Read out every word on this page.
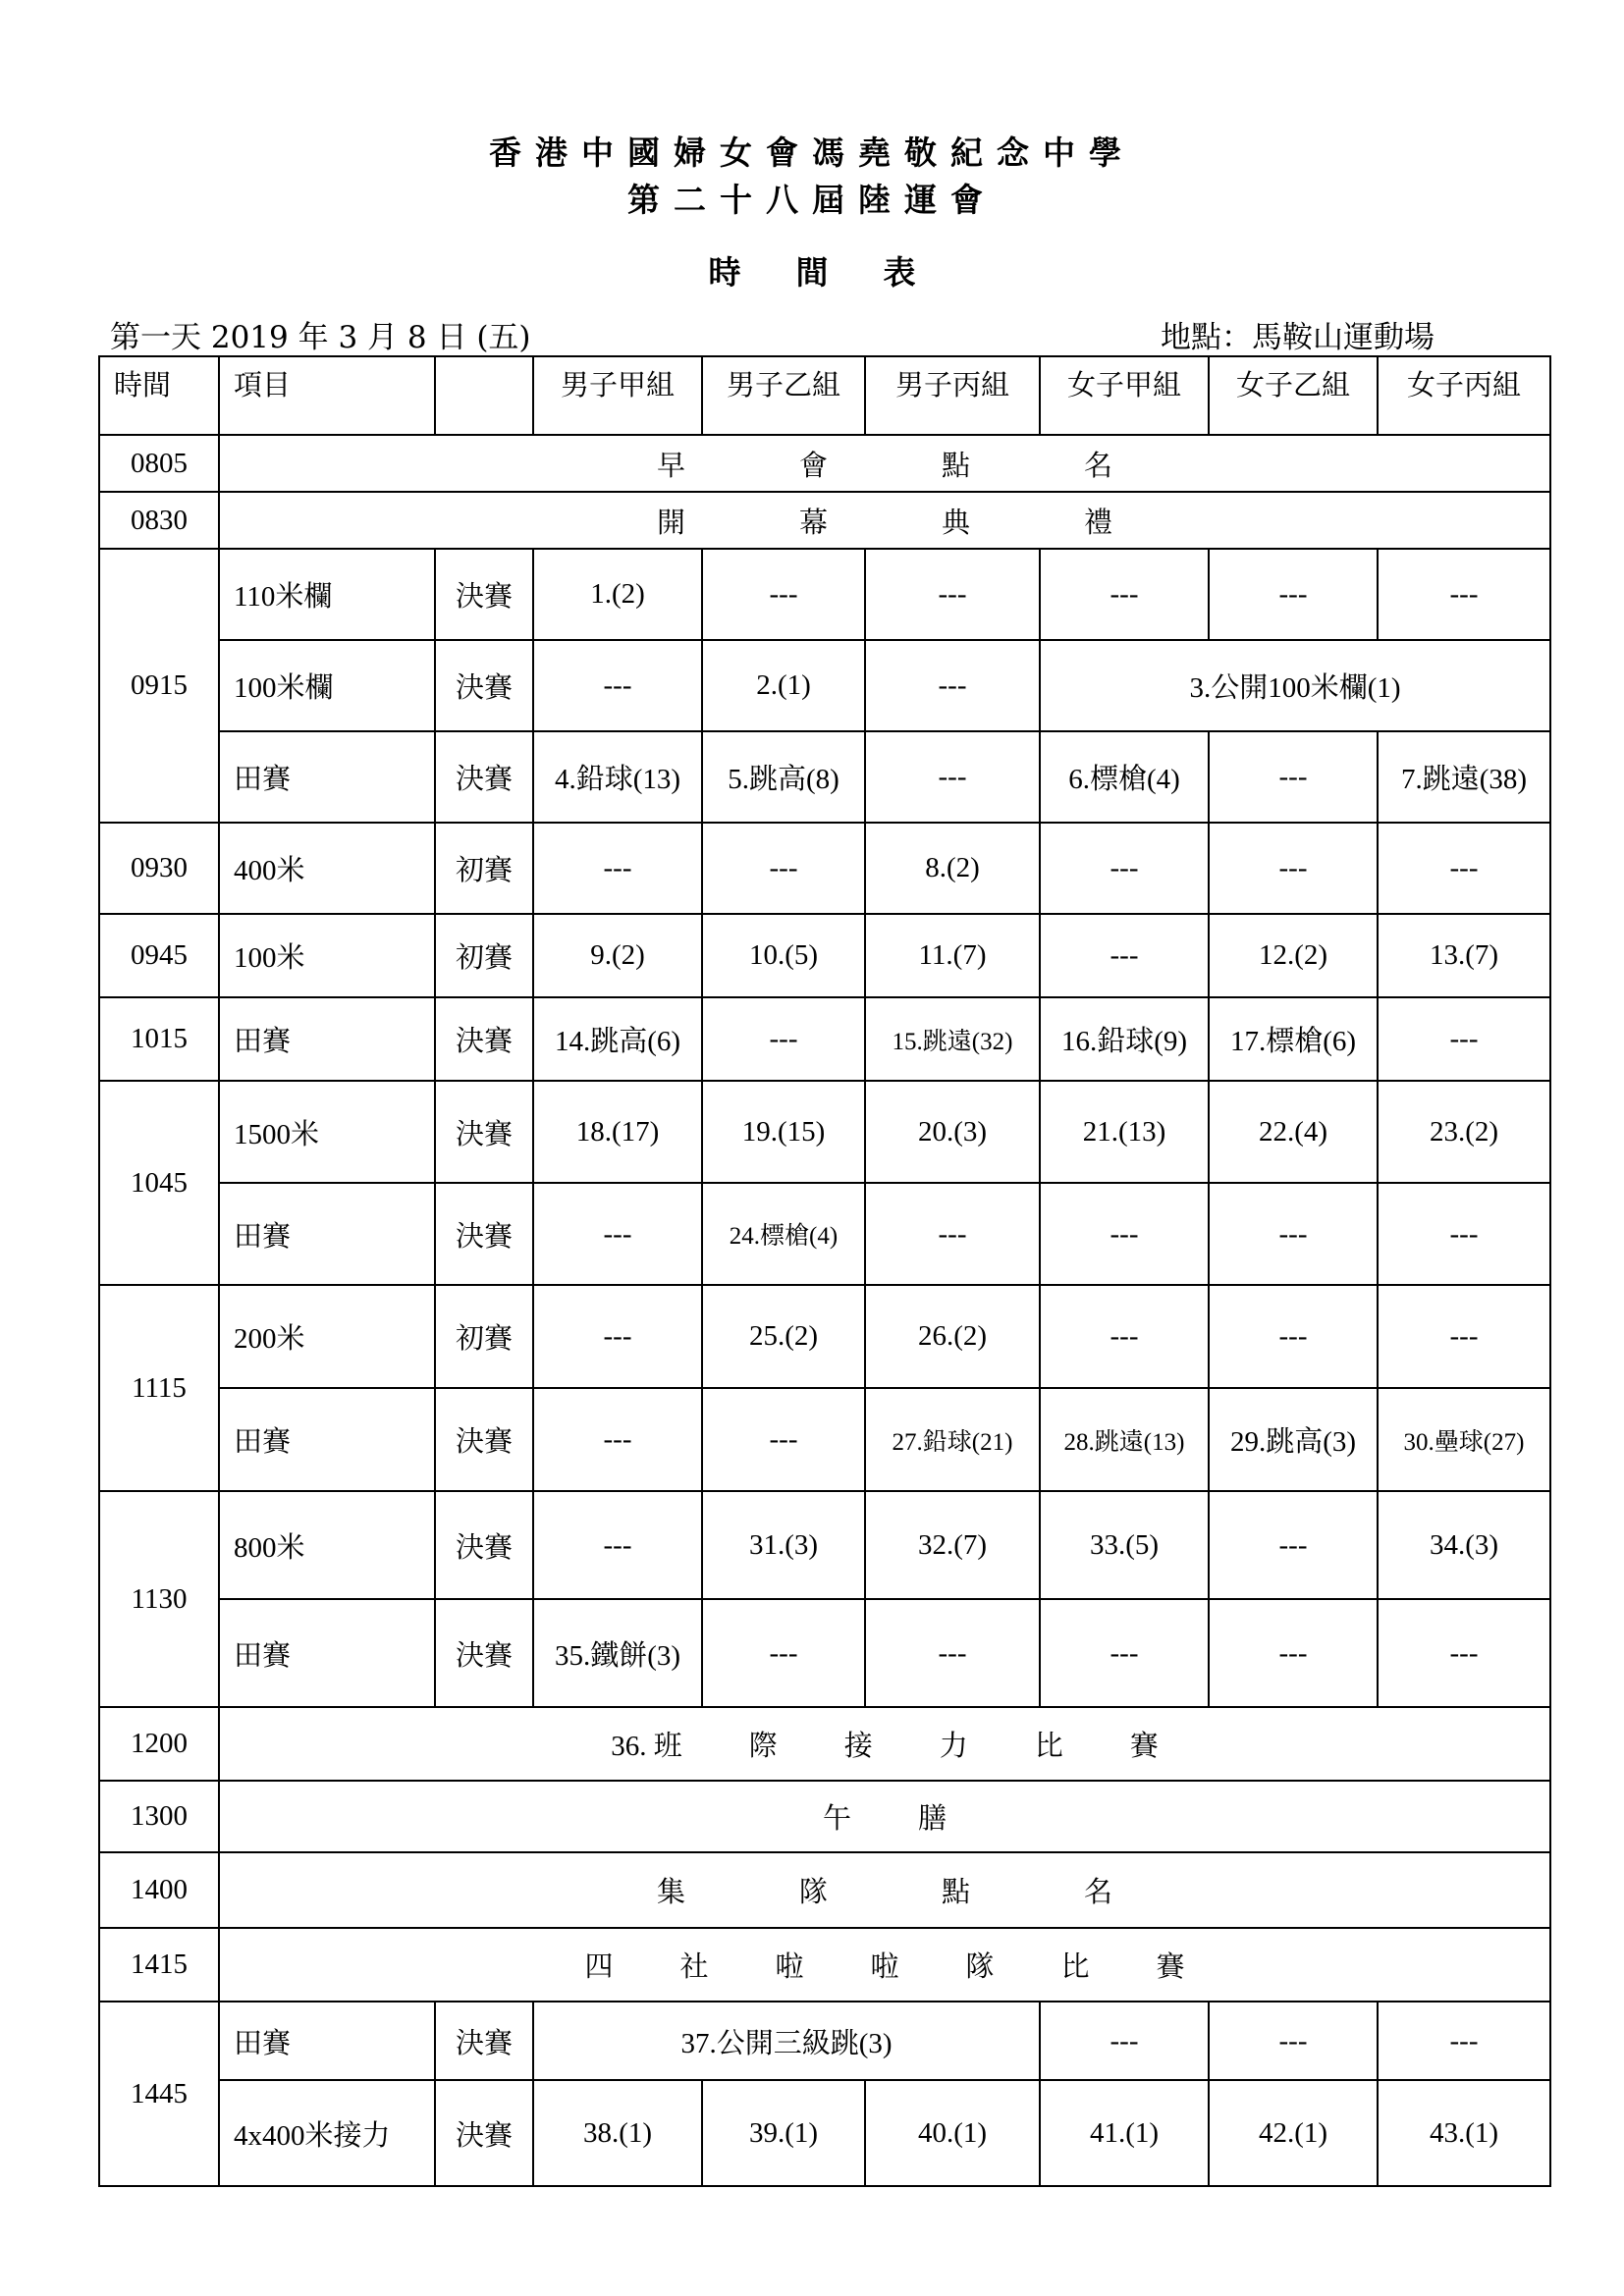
香港中國婦女會馮堯敬紀念中學
第二十八屆陸運會
時 間 表
第一天 2019 年 3 月 8 日 (五)	地點：馬鞍山運動場
時間	項目		男子甲組	男子乙組	男子丙組	女子甲組	女子乙組	女子丙組
0805	早 會 點 名							
0830	開 幕 典 禮							
0915	110米欄	決賽	1.(2)	---	---	---	---	---
	100米欄	決賽	---	2.(1)	---	3.公開100米欄(1)		
	田賽	決賽	4.鉛球(13)	5.跳高(8)	---	6.標槍(4)	---	7.跳遠(38)
0930	400米	初賽	---	---	8.(2)	---	---	---
0945	100米	初賽	9.(2)	10.(5)	11.(7)	---	12.(2)	13.(7)
1015	田賽	決賽	14.跳高(6)	---	15.跳遠(32)	16.鉛球(9)	17.標槍(6)	---
1045	1500米	決賽	18.(17)	19.(15)	20.(3)	21.(13)	22.(4)	23.(2)
	田賽	決賽	---	24.標槍(4)	---	---	---	---
1115	200米	初賽	---	25.(2)	26.(2)	---	---	---
	田賽	決賽	---	---	27.鉛球(21)	28.跳遠(13)	29.跳高(3)	30.壘球(27)
1130	800米	決賽	---	31.(3)	32.(7)	33.(5)	---	34.(3)
	田賽	決賽	35.鐵餅(3)	---	---	---	---	---
1200	36. 班 際 接 力 比 賽							
1300	午 膳							
1400	集 隊 點 名							
1415	四 社 啦 啦 隊 比 賽							
1445	田賽	決賽	37.公開三級跳(3)			---	---	---
	4x400米接力	決賽	38.(1)	39.(1)	40.(1)	41.(1)	42.(1)	43.(1)
